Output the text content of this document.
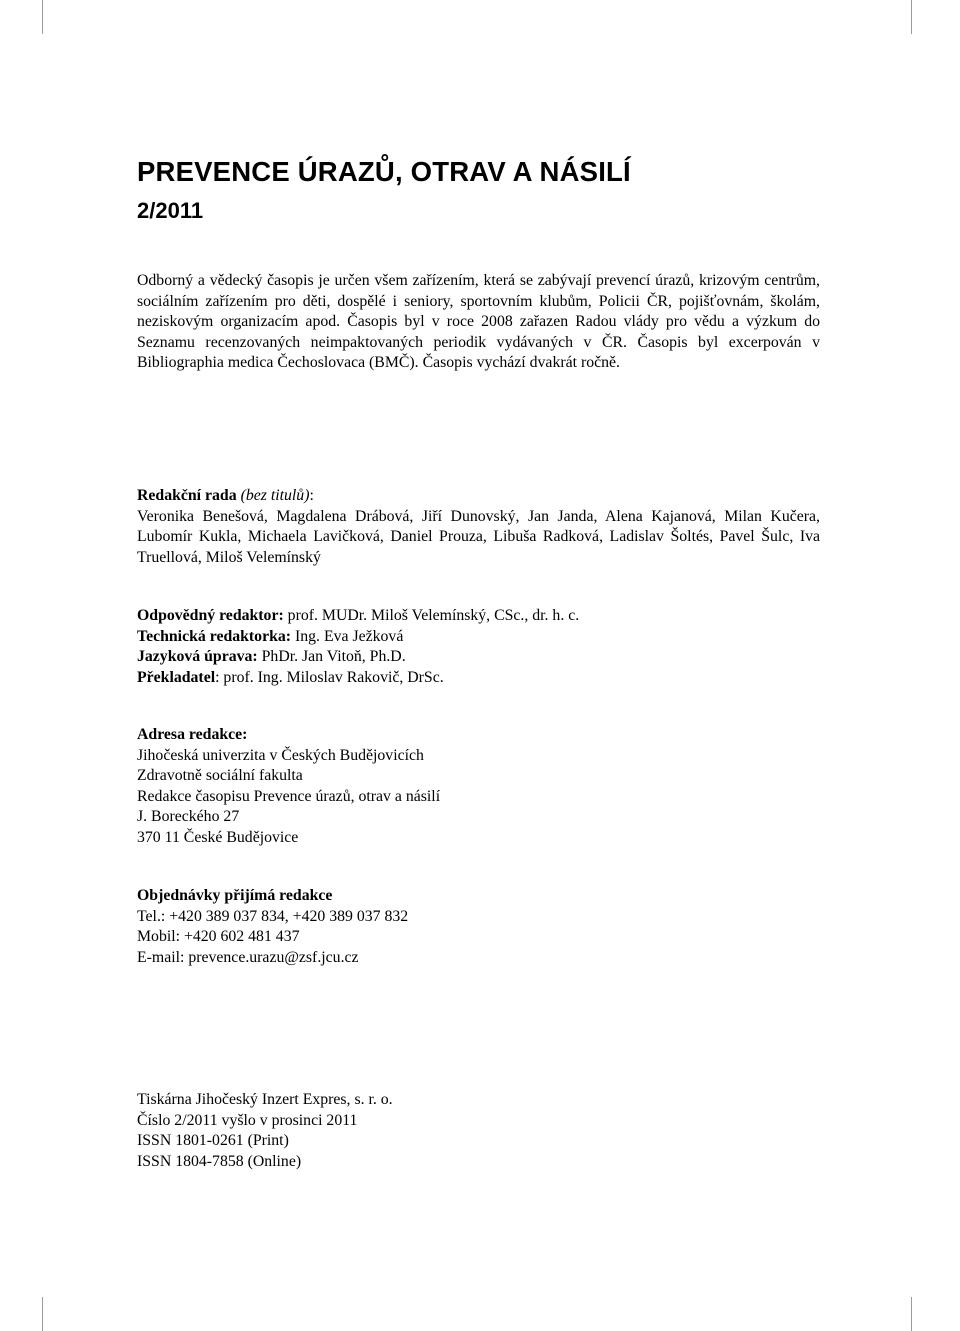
PREVENCE ÚRAZŮ, OTRAV A NÁSILÍ
2/2011

Odborný a vědecký časopis je určen všem zařízením, která se zabývají prevencí úrazů, krizovým centrům, sociálním zařízením pro děti, dospělé i seniory, sportovním klubům, Policii ČR, pojišťovnám, školám, neziskovým organizacím apod. Časopis byl v roce 2008 zařazen Radou vlády pro vědu a výzkum do Seznamu recenzovaných neimpaktovaných periodik vydávaných v ČR. Časopis byl excerpován v Bibliographia medica Čechoslovaca (BMČ). Časopis vychází dvakrát ročně.

Redakční rada (bez titulů):

Veronika Benešová, Magdalena Drábová, Jiří Dunovský, Jan Janda, Alena Kajanová, Milan Kučera, Lubomír Kukla, Michaela Lavičková, Daniel Prouza, Libuša Radková, Ladislav Šoltés, Pavel Šulc, Iva Truellová, Miloš Velemínský

Odpovědný redaktor: prof. MUDr. Miloš Velemínský, CSc., dr. h. c.

Technická redaktorka: Ing. Eva Ježková

Jazyková úprava: PhDr. Jan Vitoň, Ph.D.

Překladatel: prof. Ing. Miloslav Rakovič, DrSc.

Adresa redakce:

Jihočeská univerzita v Českých Budějovicích
Zdravotně sociální fakulta
Redakce časopisu Prevence úrazů, otrav a násilí
J. Boreckého 27
370 11 České Budějovice

Objednávky přijímá redakce

Tel.: +420 389 037 834, +420 389 037 832
Mobil: +420 602 481 437
E-mail: prevence.urazu@zsf.jcu.cz
Tiskárna Jihočeský Inzert Expres, s. r. o.
Číslo 2/2011 vyšlo v prosinci 2011
ISSN 1801-0261 (Print)
ISSN 1804-7858 (Online)
